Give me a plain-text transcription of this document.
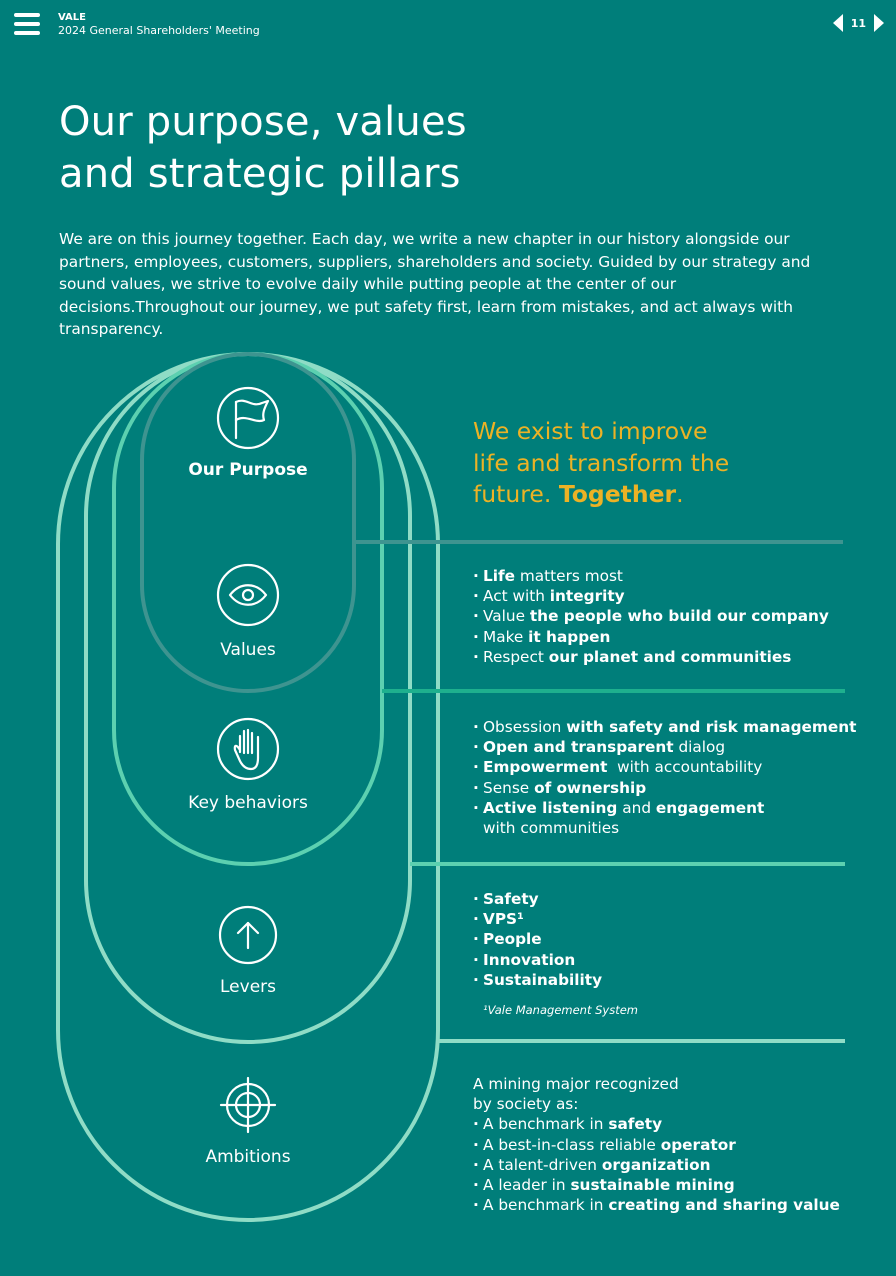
VALE
2024 General Shareholders' Meeting
11
Our purpose, values
and strategic pillars

We are on this journey together. Each day, we write a new chapter in our history alongside our partners, employees, customers, suppliers, shareholders and society. Guided by our strategy and sound values, we strive to evolve daily while putting people at the center of our decisions.Throughout our journey, we put safety first, learn from mistakes, and act always with transparency.

Our Purpose
Values
Key behaviors
Levers
Ambitions
We exist to improve
life and transform the
future. Together.
· Life matters most
· Act with integrity
· Value the people who build our company
· Make it happen
· Respect our planet and communities
· Obsession with safety and risk management
· Open and transparent dialog
· Empowerment  with accountability
· Sense of ownership
· Active listening and engagement
with communities
· Safety
· VPS¹
· People
· Innovation
· Sustainability
¹Vale Management System
A mining major recognized
by society as:
· A benchmark in safety
· A best-in-class reliable operator
· A talent-driven organization
· A leader in sustainable mining
· A benchmark in creating and sharing value
